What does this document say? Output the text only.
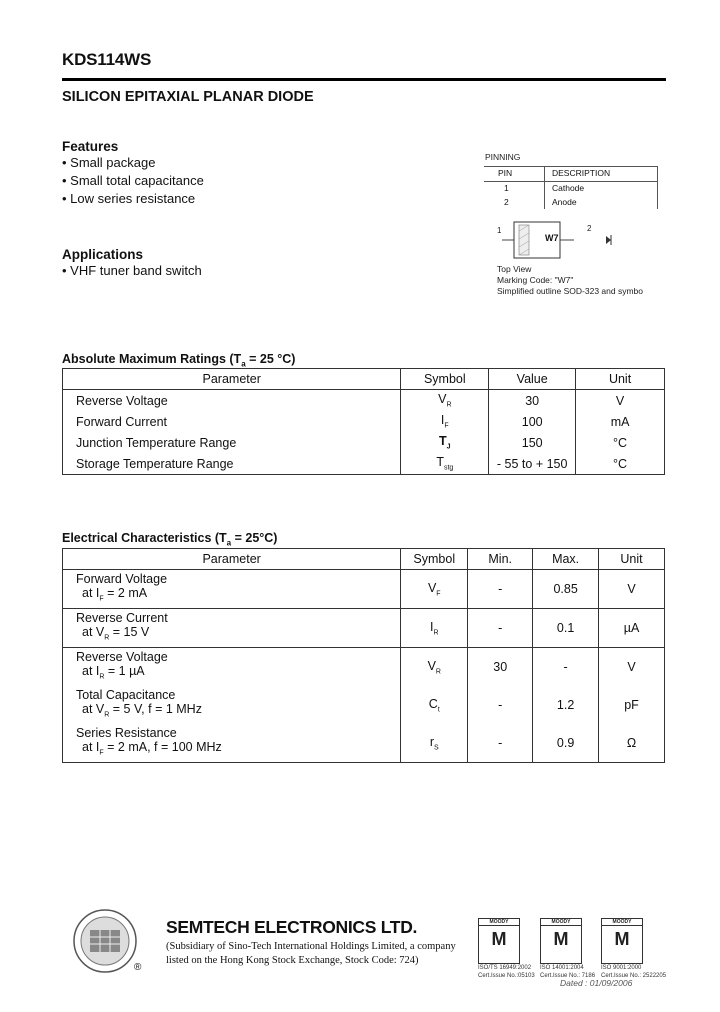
KDS114WS
SILICON EPITAXIAL PLANAR DIODE
Features
• Small package
• Small total capacitance
• Low series resistance
Applications
• VHF tuner band switch
PINNING
PIN	DESCRIPTION
1	Cathode
2	Anode
W7
1	2
Top View
Marking Code: "W7"
Simplified outline SOD-323 and symbo
Absolute Maximum Ratings ($T_a = 25$ °C)
Parameter	Symbol	Value	Unit
Reverse Voltage	$V_R$	30	V
Forward Current	$I_F$	100	mA
Junction Temperature Range	$T_J$	150	°C
Storage Temperature Range	$T_{stg}$	- 55 to + 150	°C
Electrical Characteristics $(T_a = 25^\circ C)$
Parameter	Symbol	Min.	Max.	Unit

Forward Voltage
at $I_F = 2$ mA	$V_F$	-	0.85	V

Reverse Current
at $V_R = 15$ V	$I_R$	-	0.1	µA

Reverse Voltage
at $I_R = 1$ µA	$V_R$	30	-	V

Total Capacitance
at $V_R = 5$ V, f = 1 MHz	$C_t$	-	1.2	pF

Series Resistance
at $I_F = 2$ mA, f = 100 MHz	$r_S$	-	0.9	Ω
®
SEMTECH ELECTRONICS LTD.
(Subsidiary of Sino-Tech International Holdings Limited, a company
listed on the Hong Kong Stock Exchange, Stock Code: 724)
MOODY
M
MOODY
M
MOODY
M
ISO/TS 16949:2002
Cert.Issue No.:05103
ISO 14001:2004
Cert.Issue No.: 7186
ISO 9001:2000
Cert.Issue No.: 2522205
Dated : 01/09/2006
